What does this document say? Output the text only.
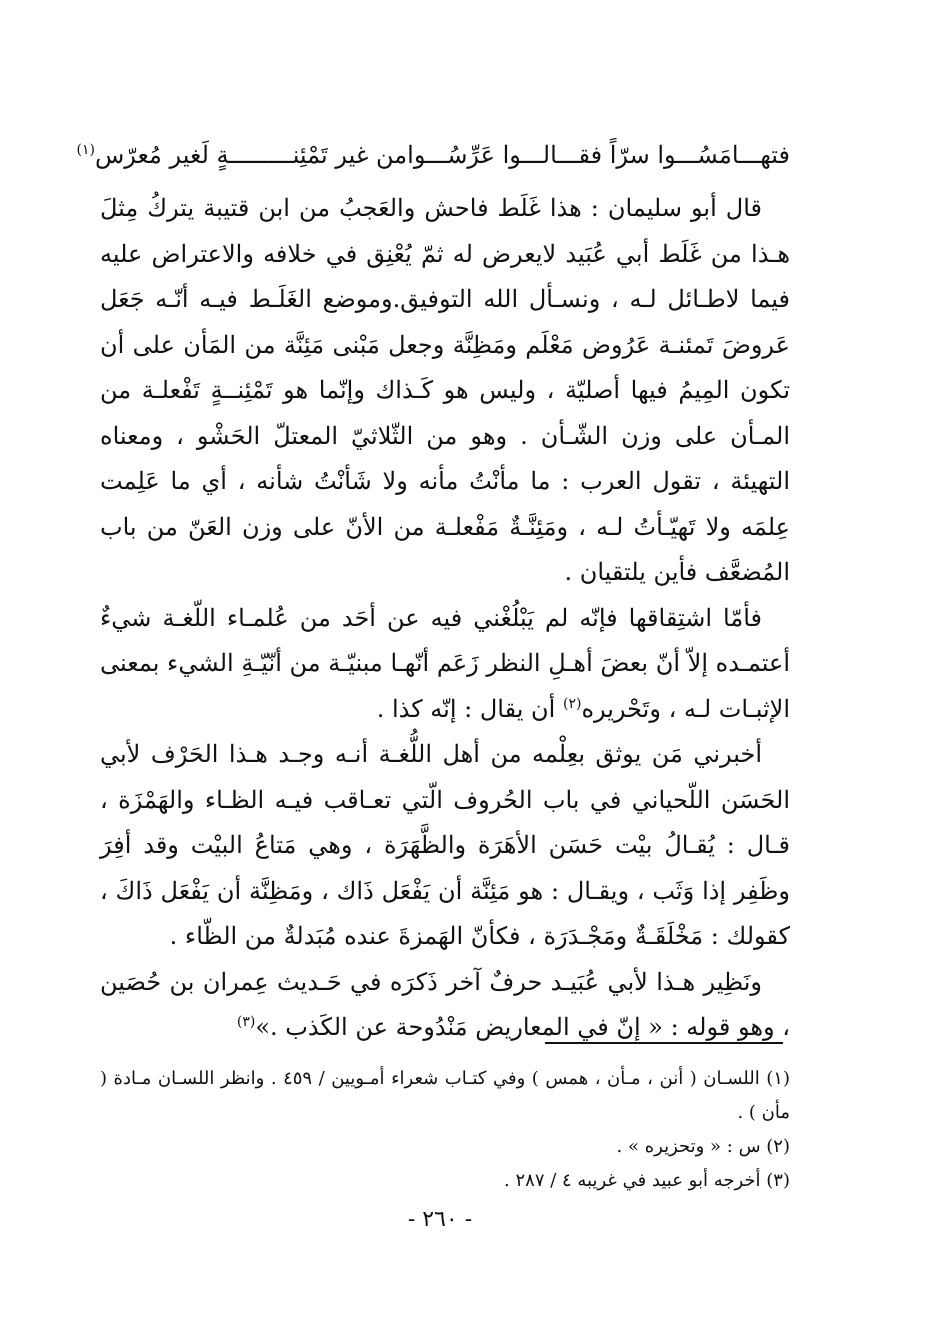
فتهـــامَسُـــوا سرّاً فقـــالـــوا عَرِّسُـــوا
من غير تَمْئِنـــــــــةٍ لَغير مُعرّس$^{(١)}$

قال أبو سليمان : هذا غَلَط فاحش والعَجبُ من ابن قتيبة يتركُ مِثلَ هـذا من غَلَط أبي عُبَيد لايعرض له ثمّ يُعْنِق في خلافه والاعتراض عليه فيما لاطـائل لـه ، ونسـأل الله التوفيق.وموضع الغَلَـط فيـه أنّـه جَعَل عَروضَ تَمئنـة عَرُوض مَعْلَم ومَظِنَّة وجعل مَبْنى مَئِنَّة من المَأن على أن تكون المِيمُ فيها أصليّة ، وليس هو كَـذاك وإنّما هو تَمْئِنــةٍ تَفْعلـة من المـأن على وزن الشّـأن . وهو من الثّلاثيّ المعتلّ الحَشْو ، ومعناه التهيئة ، تقول العرب : ما مأنْتُ مأنه ولا شَأنْتُ شأنه ، أي ما عَلِمت عِلمَه ولا تَهيّـأتُ لـه ، ومَئِنَّـةٌ مَفْعلـة من الأنّ على وزن العَنّ من باب المُضعَّف فأين يلتقيان .

فأمّا اشتِقاقها فإنّه لم يَبْلُغْني فيه عن أحَد من عُلمـاء اللّغـة شيءٌ أعتمـده إلاّ أنّ بعضَ أهـلِ النظر زَعَم أنّهـا مبنيّـة من أنّيّـةِ الشيء بمعنى الإثبـات لـه ، وتَحْريره$^{(٢)}$ أن يقال : إنّه كذا .

أخبرني مَن يوثق بعِلْمه من أهل اللُّغـة أنـه وجـد هـذا الحَرْف لأبي الحَسَن اللّحياني في باب الحُروف الّتي تعـاقب فيـه الظـاء والهَمْزَة ، قـال : يُقـالُ بيْت حَسَن الأهَرَة والظَّهَرَة ، وهي مَتاعُ البيْت وقد أفِرَ وظَفِر إذا وَثَب ، ويقـال : هو مَئِنَّة أن يَفْعَل ذَاك ، ومَظِنَّة أن يَفْعَل ذَاكَ ، كقولك : مَخْلَقَـةٌ ومَجْـدَرَة ، فكأنّ الهَمزةَ عنده مُبَدلةٌ من الظّاء .

ونَظِير هـذا لأبي عُبَيـد حرفٌ آخر ذَكرَه في حَـديث عِمران بن حُصَين ، وهو قوله : « إنّ في المعاريض مَنْدُوحة عن الكَذب .»$^{(٣)}$

(١) اللسـان ( أنن ، مـأن ، همس ) وفي كتـاب شعراء أمـويين / ٤٥٩ . وانظر اللسـان مـادة ( مأن ) .

(٢) س : « وتحزيره » .

(٣) أخرجه أبو عبيد في غريبه ٤ / ٢٨٧ .

- ٢٦٠ -
